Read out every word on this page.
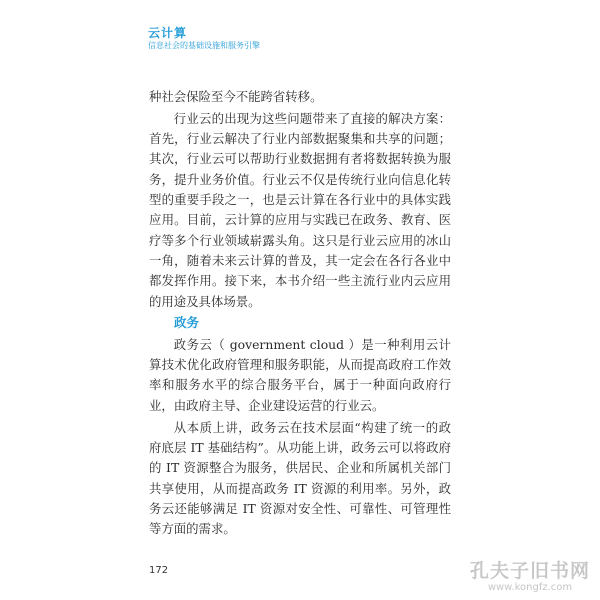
云计算
信息社会的基础设施和服务引擎

种社会保险至今不能跨省转移。

行业云的出现为这些问题带来了直接的解决方案：首先，行业云解决了行业内部数据聚集和共享的问题；其次，行业云可以帮助行业数据拥有者将数据转换为服务，提升业务价值。行业云不仅是传统行业向信息化转型的重要手段之一，也是云计算在各行业中的具体实践应用。目前，云计算的应用与实践已在政务、教育、医疗等多个行业领域崭露头角。这只是行业云应用的冰山一角，随着未来云计算的普及，其一定会在各行各业中都发挥作用。接下来，本书介绍一些主流行业内云应用的用途及具体场景。

政务

政务云（ government cloud ）是一种利用云计算技术优化政府管理和服务职能，从而提高政府工作效率和服务水平的综合服务平台，属于一种面向政府行业，由政府主导、企业建设运营的行业云。

从本质上讲，政务云在技术层面“构建了统一的政府底层 IT 基础结构”。从功能上讲，政务云可以将政府的 IT 资源整合为服务，供居民、企业和所属机关部门共享使用，从而提高政务 IT 资源的利用率。另外，政务云还能够满足 IT 资源对安全性、可靠性、可管理性等方面的需求。

172	孔夫子旧书网
www.kongfz.com
